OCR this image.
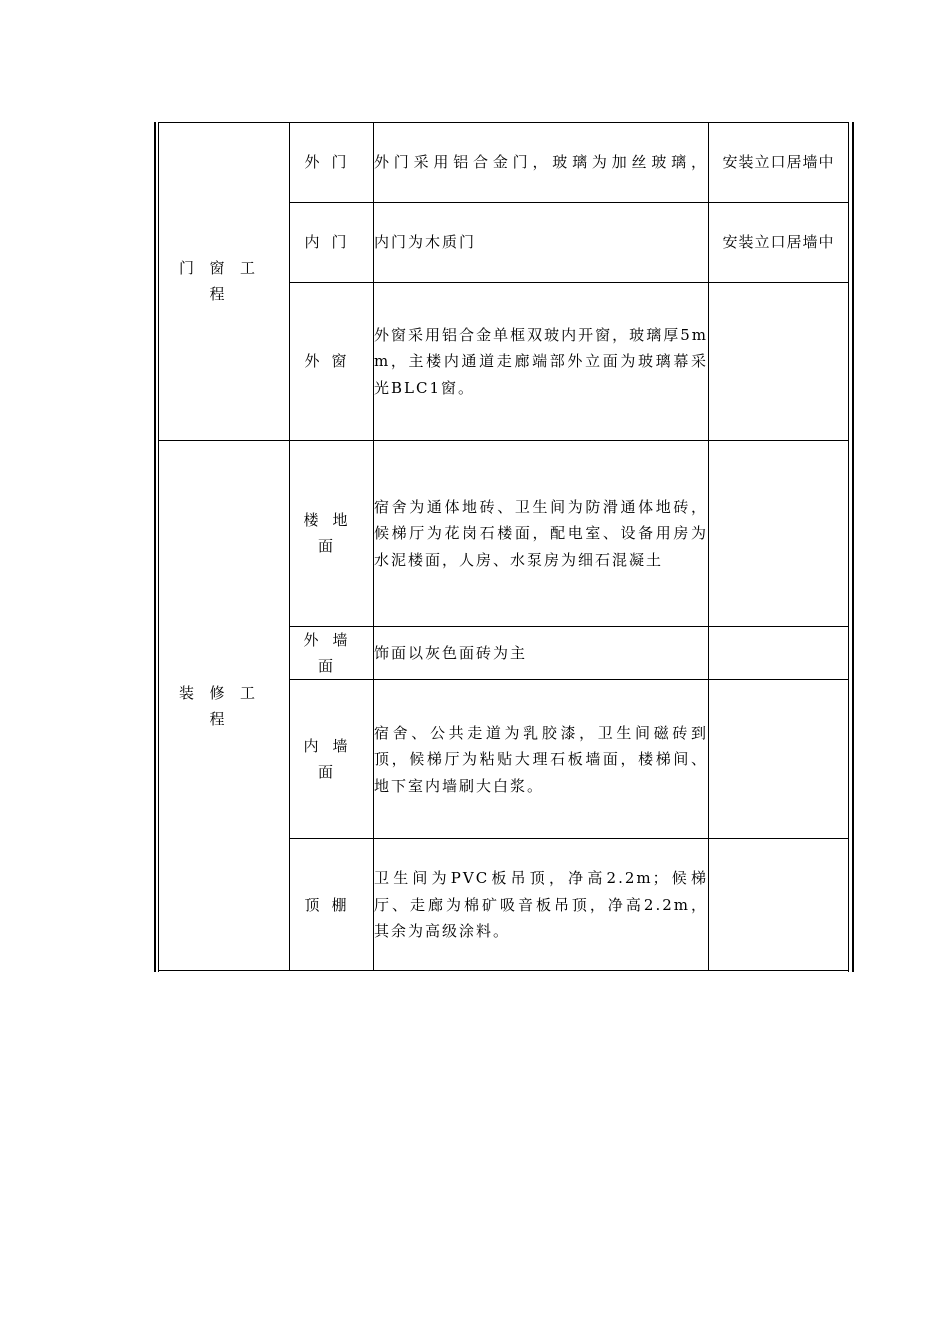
门窗工程	外门	外门采用铝合金门，玻璃为加丝玻璃，	安装立口居墙中

	内门	内门为木质门	安装立口居墙中

	外窗	外窗采用铝合金单框双玻内开窗，玻璃厚5mm，主楼内通道走廊端部外立面为玻璃幕采光BLC1窗。	

装修工程	楼地面	宿舍为通体地砖、卫生间为防滑通体地砖，候梯厅为花岗石楼面，配电室、设备用房为水泥楼面，人房、水泵房为细石混凝土	

	外墙面	饰面以灰色面砖为主	

	内墙面	宿舍、公共走道为乳胶漆，卫生间磁砖到顶，候梯厅为粘贴大理石板墙面，楼梯间、地下室内墙刷大白浆。	

	顶棚	卫生间为PVC板吊顶，净高2.2m；候梯厅、走廊为棉矿吸音板吊顶，净高2.2m，其余为高级涂料。	
